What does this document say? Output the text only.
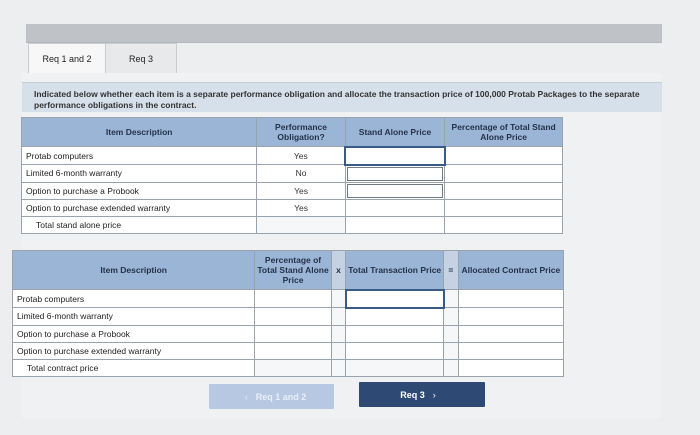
Req 1 and 2	Req 3
Indicated below whether each item is a separate performance obligation and allocate the transaction price of 100,000 Protab Packages to the separate performance obligations in the contract.
Item Description	Performance Obligation?	Stand Alone Price	Percentage of Total Stand Alone Price
Protab computers	Yes		
Limited 6-month warranty	No	

Option to purchase a Probook	Yes	

Option to purchase extended warranty	Yes		
Total stand alone price			
Item Description	Percentage of Total Stand Alone Price	x	Total Transaction Price	=	Allocated Contract Price
Protab computers					
Limited 6-month warranty					
Option to purchase a Probook					
Option to purchase extended warranty					
Total contract price					
‹ Req 1 and 2	Req 3 ›
